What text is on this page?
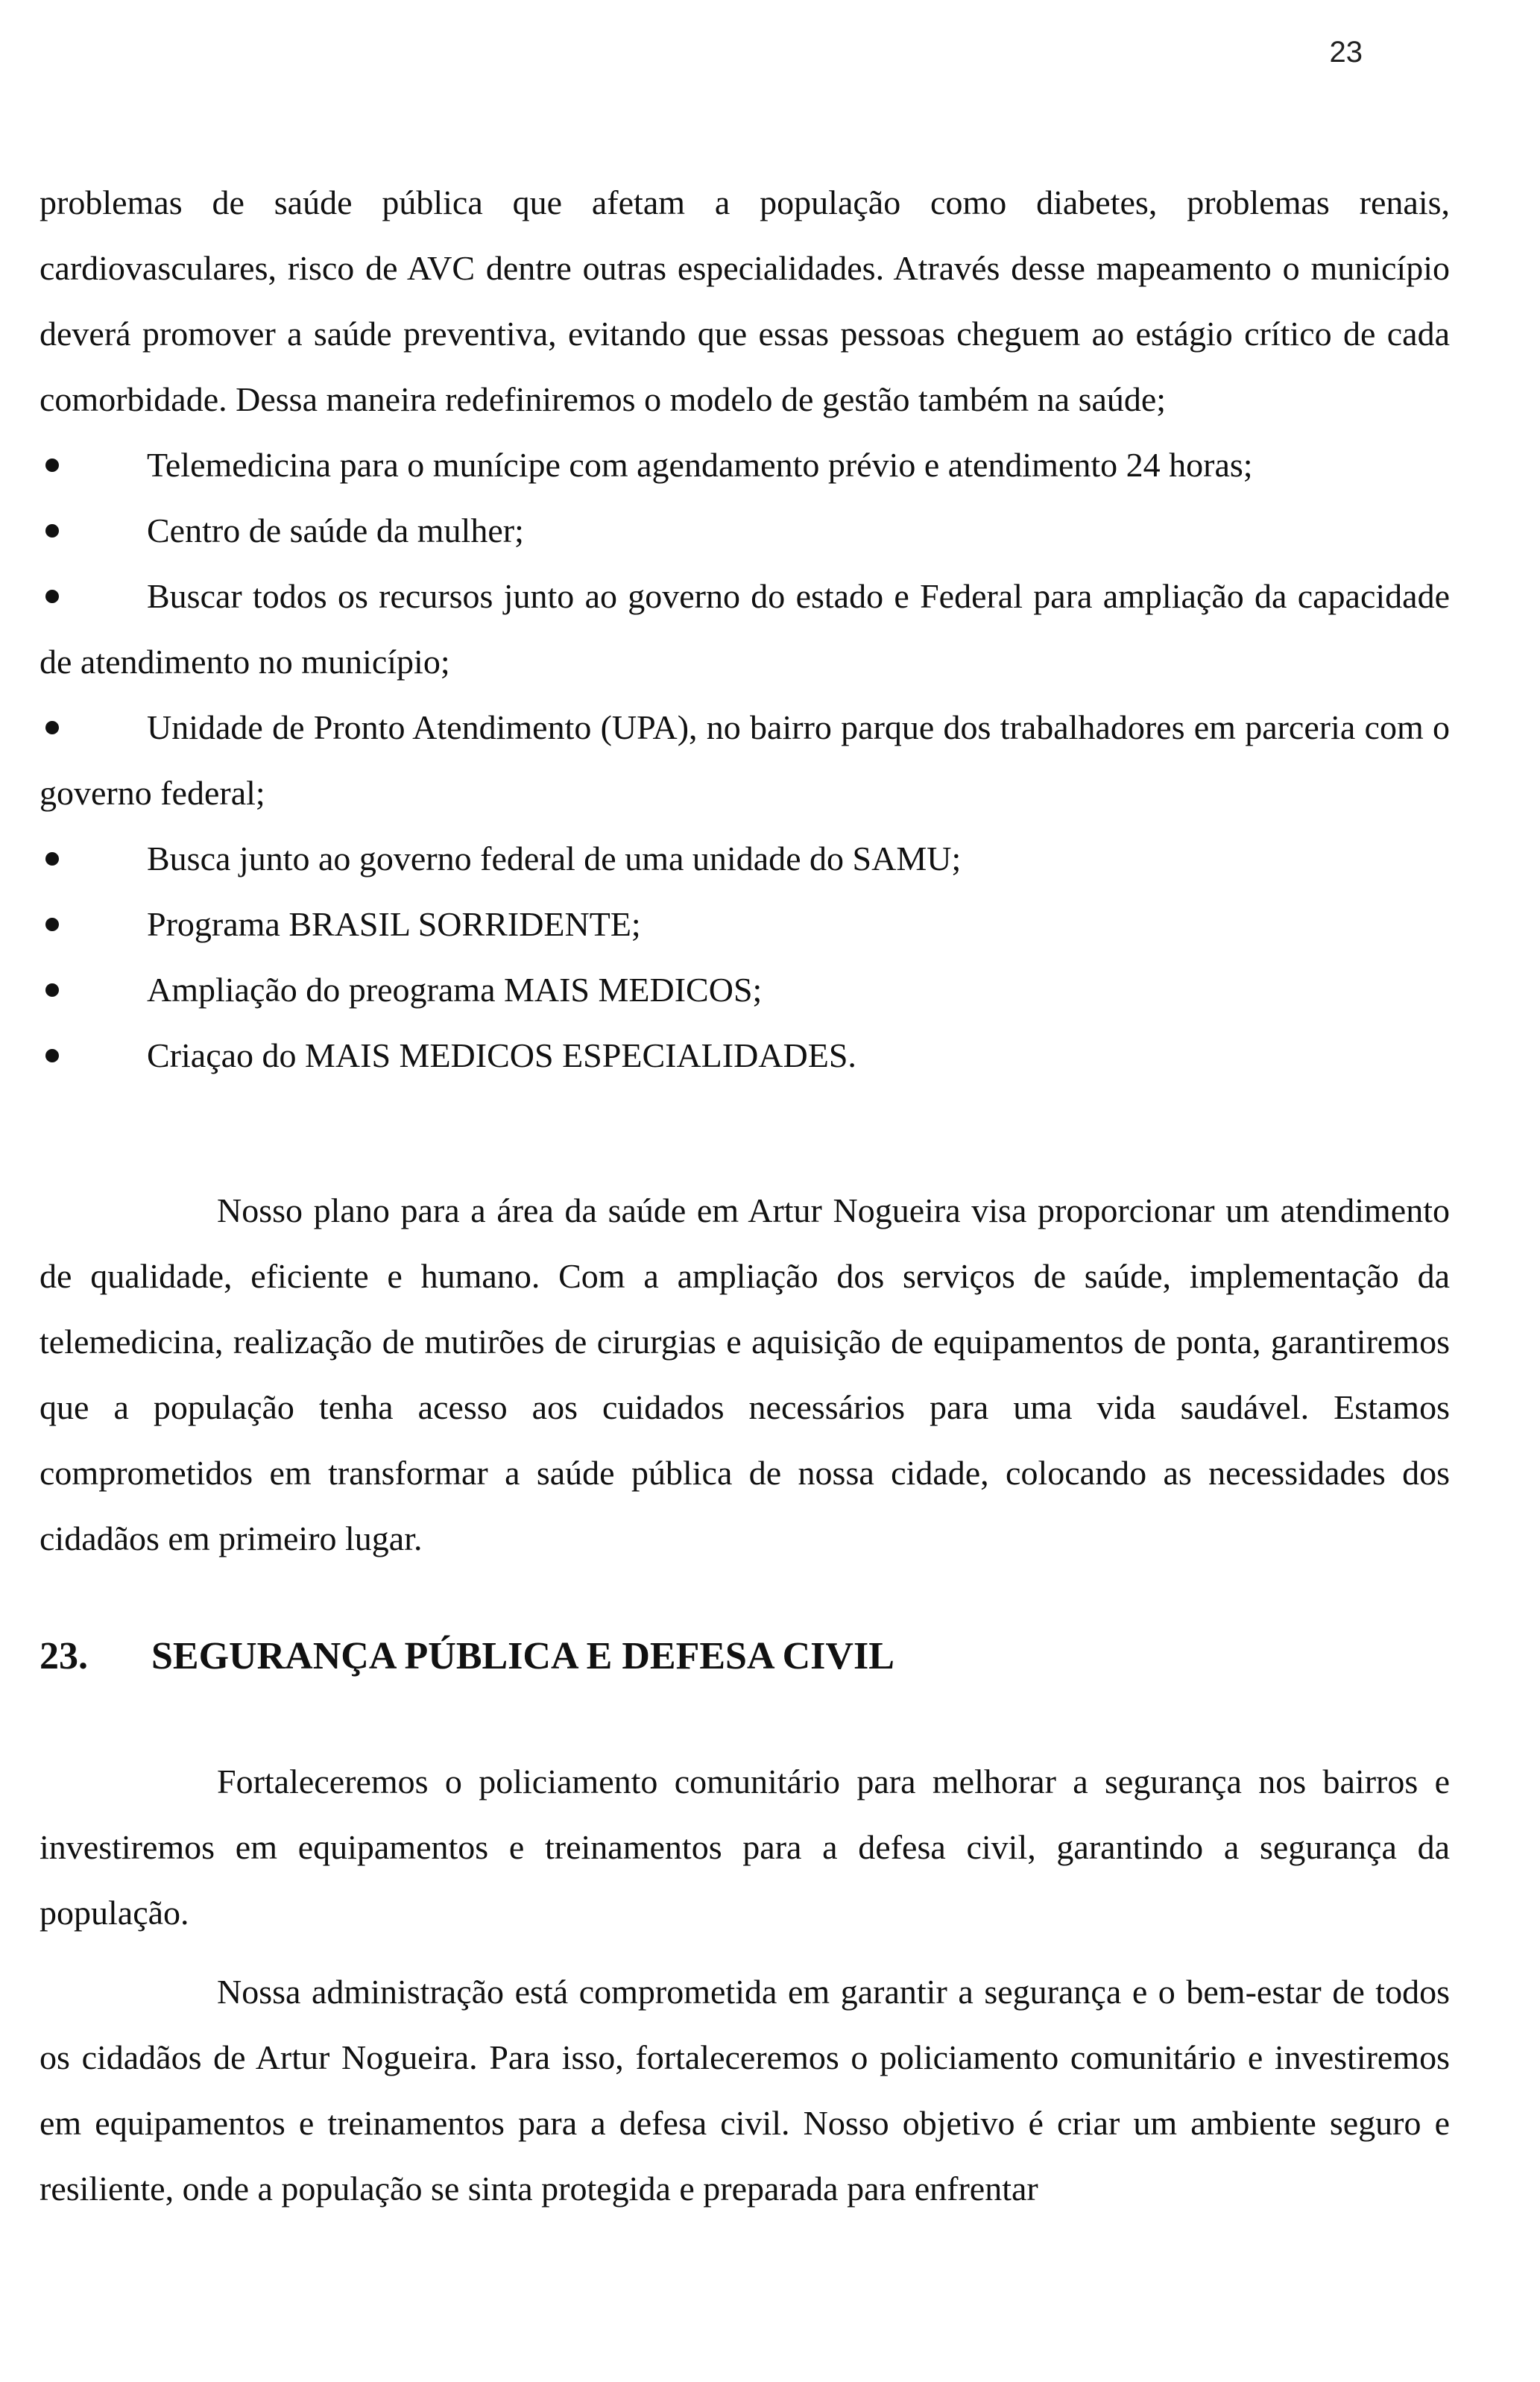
23

problemas de saúde pública que afetam a população como diabetes, problemas renais, cardiovasculares, risco de AVC dentre outras especialidades. Através desse mapeamento o município deverá promover a saúde preventiva, evitando que essas pessoas cheguem ao estágio crítico de cada comorbidade. Dessa maneira redefiniremos o modelo de gestão também na saúde;

Telemedicina para o munícipe com agendamento prévio e atendimento 24 horas;
Centro de saúde da mulher;
Buscar todos os recursos junto ao governo do estado e Federal para ampliação da capacidade de atendimento no município;
Unidade de Pronto Atendimento (UPA), no bairro parque dos trabalhadores em parceria com o governo federal;
Busca junto ao governo federal de uma unidade do SAMU;
Programa BRASIL SORRIDENTE;
Ampliação do preograma MAIS MEDICOS;
Criaçao do MAIS MEDICOS ESPECIALIDADES.

Nosso plano para a área da saúde em Artur Nogueira visa proporcionar um atendimento de qualidade, eficiente e humano. Com a ampliação dos serviços de saúde, implementação da telemedicina, realização de mutirões de cirurgias e aquisição de equipamentos de ponta, garantiremos que a população tenha acesso aos cuidados necessários para uma vida saudável. Estamos comprometidos em transformar a saúde pública de nossa cidade, colocando as necessidades dos cidadãos em primeiro lugar.

23. SEGURANÇA PÚBLICA E DEFESA CIVIL

Fortaleceremos o policiamento comunitário para melhorar a segurança nos bairros e investiremos em equipamentos e treinamentos para a defesa civil, garantindo a segurança da população.

Nossa administração está comprometida em garantir a segurança e o bem-estar de todos os cidadãos de Artur Nogueira. Para isso, fortaleceremos o policiamento comunitário e investiremos em equipamentos e treinamentos para a defesa civil. Nosso objetivo é criar um ambiente seguro e resiliente, onde a população se sinta protegida e preparada para enfrentar
